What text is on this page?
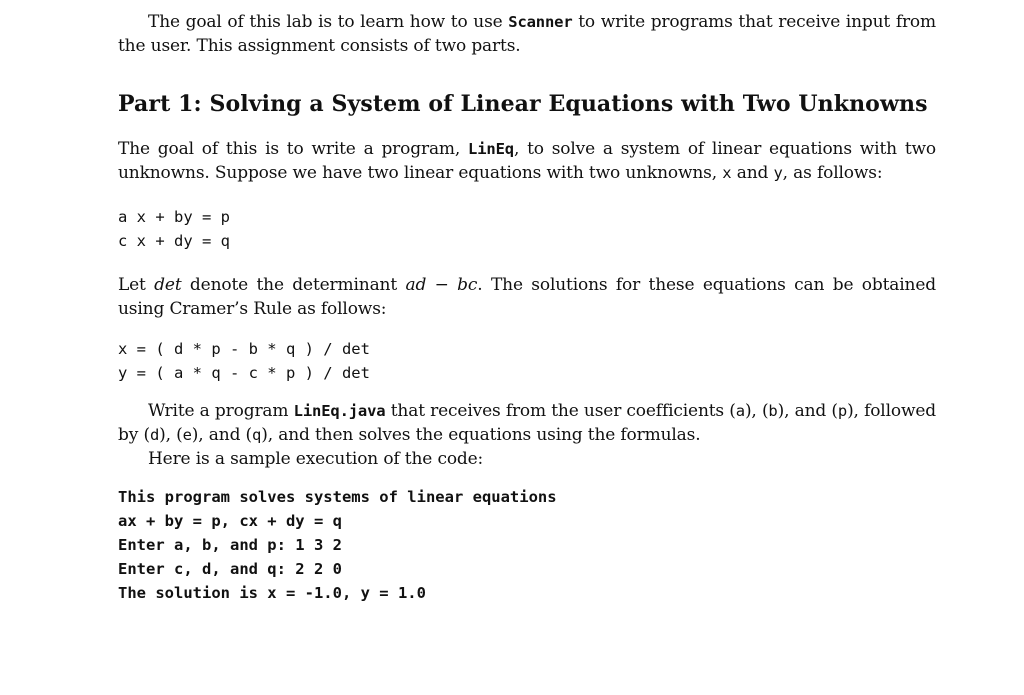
The goal of this lab is to learn how to use Scanner to write programs that receive input from the user. This assignment consists of two parts.

Part 1: Solving a System of Linear Equations with Two Unknowns

The goal of this is to write a program, LinEq, to solve a system of linear equations with two unknowns. Suppose we have two linear equations with two unknowns, x and y, as follows:

a x + by = p
c x + dy = q

Let det denote the determinant ad − bc. The solutions for these equations can be obtained using Cramer’s Rule as follows:

x = ( d * p - b * q ) / det
y = ( a * q - c * p ) / det

Write a program LinEq.java that receives from the user coefficients (a), (b), and (p), followed by (d), (e), and (q), and then solves the equations using the formulas.

Here is a sample execution of the code:

This program solves systems of linear equations
ax + by = p, cx + dy = q
Enter a, b, and p: 1 3 2
Enter c, d, and q: 2 2 0
The solution is x = -1.0, y = 1.0
